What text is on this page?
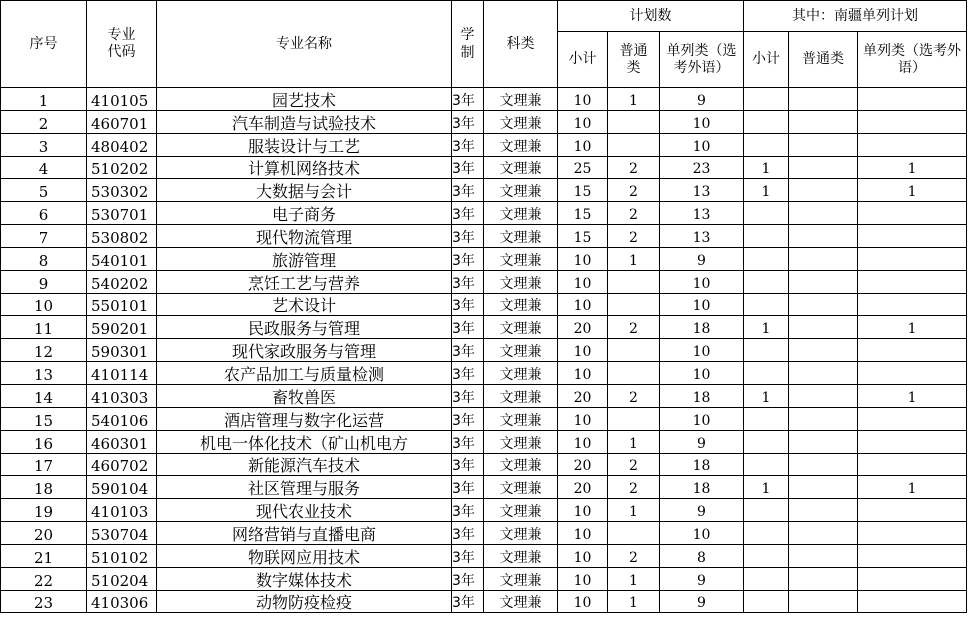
序号	专业代码	专业名称	学制	科类	计划数			其中：南疆单列计划		
					小计	普通类	单列类（选考外语）	小计	普通类	单列类（选考外语）
1	410105	园艺技术	3年	文理兼	10	1	9			
2	460701	汽车制造与试验技术	3年	文理兼	10		10			
3	480402	服装设计与工艺	3年	文理兼	10		10			
4	510202	计算机网络技术	3年	文理兼	25	2	23	1		1
5	530302	大数据与会计	3年	文理兼	15	2	13	1		1
6	530701	电子商务	3年	文理兼	15	2	13			
7	530802	现代物流管理	3年	文理兼	15	2	13			
8	540101	旅游管理	3年	文理兼	10	1	9			
9	540202	烹饪工艺与营养	3年	文理兼	10		10			
10	550101	艺术设计	3年	文理兼	10		10			
11	590201	民政服务与管理	3年	文理兼	20	2	18	1		1
12	590301	现代家政服务与管理	3年	文理兼	10		10			
13	410114	农产品加工与质量检测	3年	文理兼	10		10			
14	410303	畜牧兽医	3年	文理兼	20	2	18	1		1
15	540106	酒店管理与数字化运营	3年	文理兼	10		10			
16	460301	机电一体化技术（矿山机电方	3年	文理兼	10	1	9			
17	460702	新能源汽车技术	3年	文理兼	20	2	18			
18	590104	社区管理与服务	3年	文理兼	20	2	18	1		1
19	410103	现代农业技术	3年	文理兼	10	1	9			
20	530704	网络营销与直播电商	3年	文理兼	10		10			
21	510102	物联网应用技术	3年	文理兼	10	2	8			
22	510204	数字媒体技术	3年	文理兼	10	1	9			
23	410306	动物防疫检疫	3年	文理兼	10	1	9			
